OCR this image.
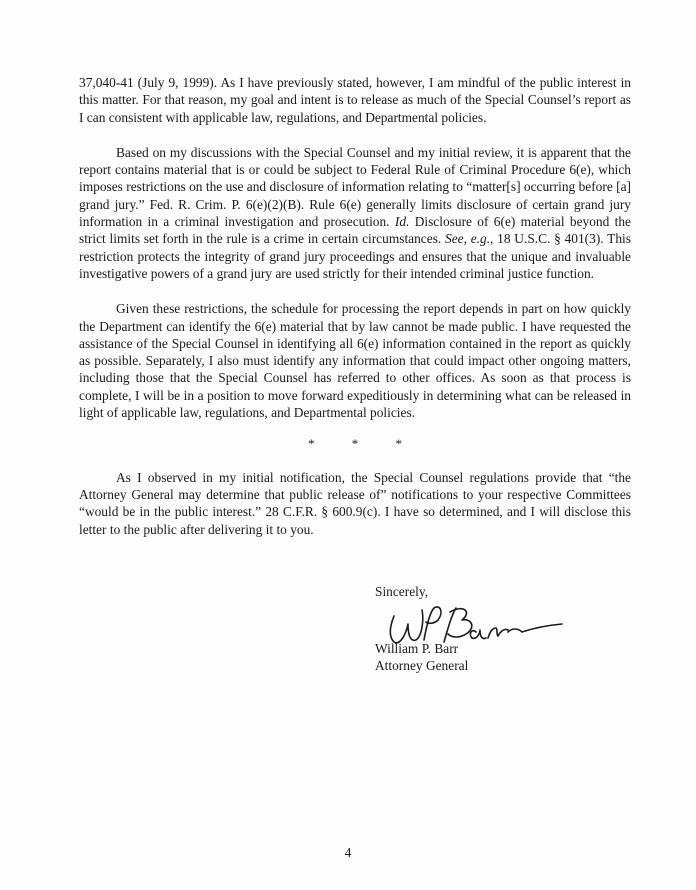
37,040-41 (July 9, 1999). As I have previously stated, however, I am mindful of the public interest in this matter. For that reason, my goal and intent is to release as much of the Special Counsel’s report as I can consistent with applicable law, regulations, and Departmental policies.

Based on my discussions with the Special Counsel and my initial review, it is apparent that the report contains material that is or could be subject to Federal Rule of Criminal Procedure 6(e), which imposes restrictions on the use and disclosure of information relating to “matter[s] occurring before [a] grand jury.” Fed. R. Crim. P. 6(e)(2)(B). Rule 6(e) generally limits disclosure of certain grand jury information in a criminal investigation and prosecution. Id. Disclosure of 6(e) material beyond the strict limits set forth in the rule is a crime in certain circumstances. See, e.g., 18 U.S.C. § 401(3). This restriction protects the integrity of grand jury proceedings and ensures that the unique and invaluable investigative powers of a grand jury are used strictly for their intended criminal justice function.

Given these restrictions, the schedule for processing the report depends in part on how quickly the Department can identify the 6(e) material that by law cannot be made public. I have requested the assistance of the Special Counsel in identifying all 6(e) information contained in the report as quickly as possible. Separately, I also must identify any information that could impact other ongoing matters, including those that the Special Counsel has referred to other offices. As soon as that process is complete, I will be in a position to move forward expeditiously in determining what can be released in light of applicable law, regulations, and Departmental policies.

*	*	*

As I observed in my initial notification, the Special Counsel regulations provide that “the Attorney General may determine that public release of” notifications to your respective Committees “would be in the public interest.” 28 C.F.R. § 600.9(c). I have so determined, and I will disclose this letter to the public after delivering it to you.

Sincerely,
William P. Barr
Attorney General
4
